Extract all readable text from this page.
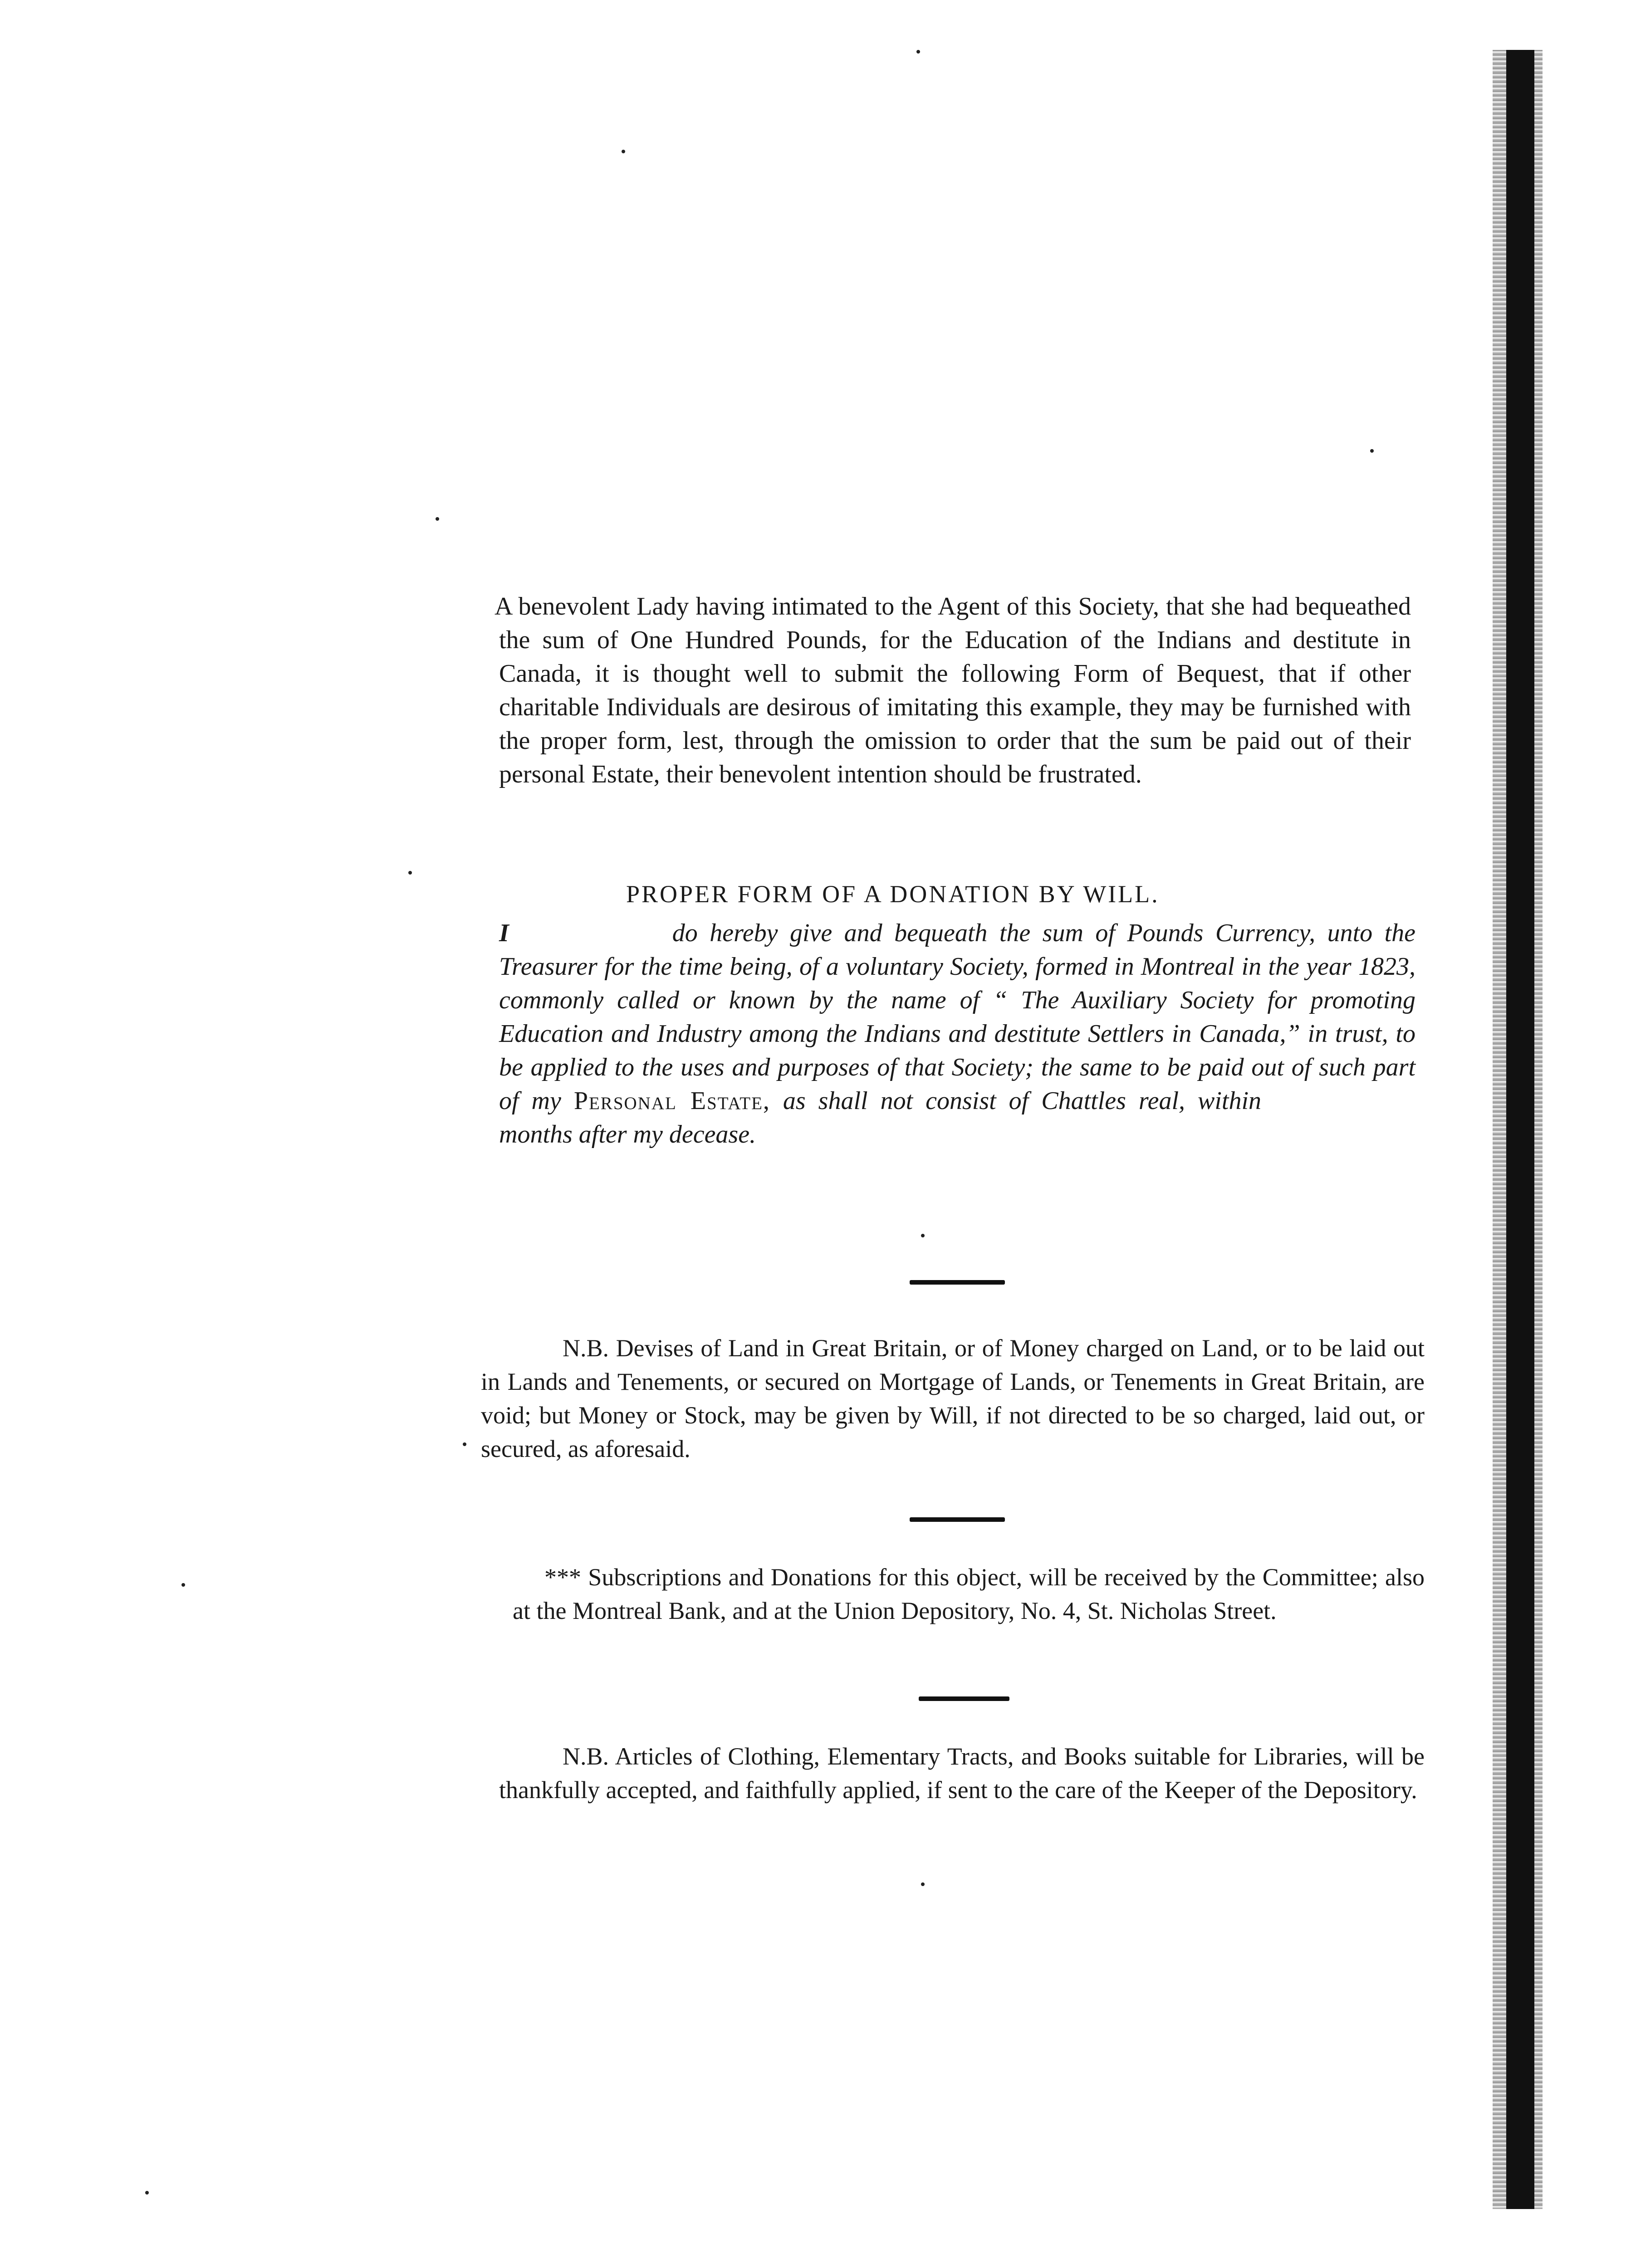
A benevolent Lady having intimated to the Agent of this Society, that she had bequeathed the sum of One Hundred Pounds, for the Education of the Indians and destitute in Canada, it is thought well to submit the following Form of Bequest, that if other charitable Individuals are desirous of imitating this example, they may be furnished with the proper form, lest, through the omission to order that the sum be paid out of their personal Estate, their benevolent intention should be frustrated.

PROPER FORM OF A DONATION BY WILL.

I	do hereby give and bequeath the sum of Pounds Currency, unto the Treasurer for the time being, of a voluntary Society, formed in Montreal in the year 1823, commonly called or known by the name of “ The Auxiliary Society for promoting Education and Industry among the Indians and destitute Settlers in Canada,” in trust, to be applied to the uses and purposes of that Society; the same to be paid out of such part of my Personal Estate, as shall not consist of Chattles real, withinmonths after my decease.

N.B. Devises of Land in Great Britain, or of Money charged on Land, or to be laid out in Lands and Tenements, or secured on Mortgage of Lands, or Tenements in Great Britain, are void; but Money or Stock, may be given by Will, if not directed to be so charged, laid out, or secured, as aforesaid.

*** Subscriptions and Donations for this object, will be received by the Committee; also at the Montreal Bank, and at the Union Depository, No. 4, St. Nicholas Street.

N.B. Articles of Clothing, Elementary Tracts, and Books suitable for Libraries, will be thankfully accepted, and faithfully applied, if sent to the care of the Keeper of the Depository.
